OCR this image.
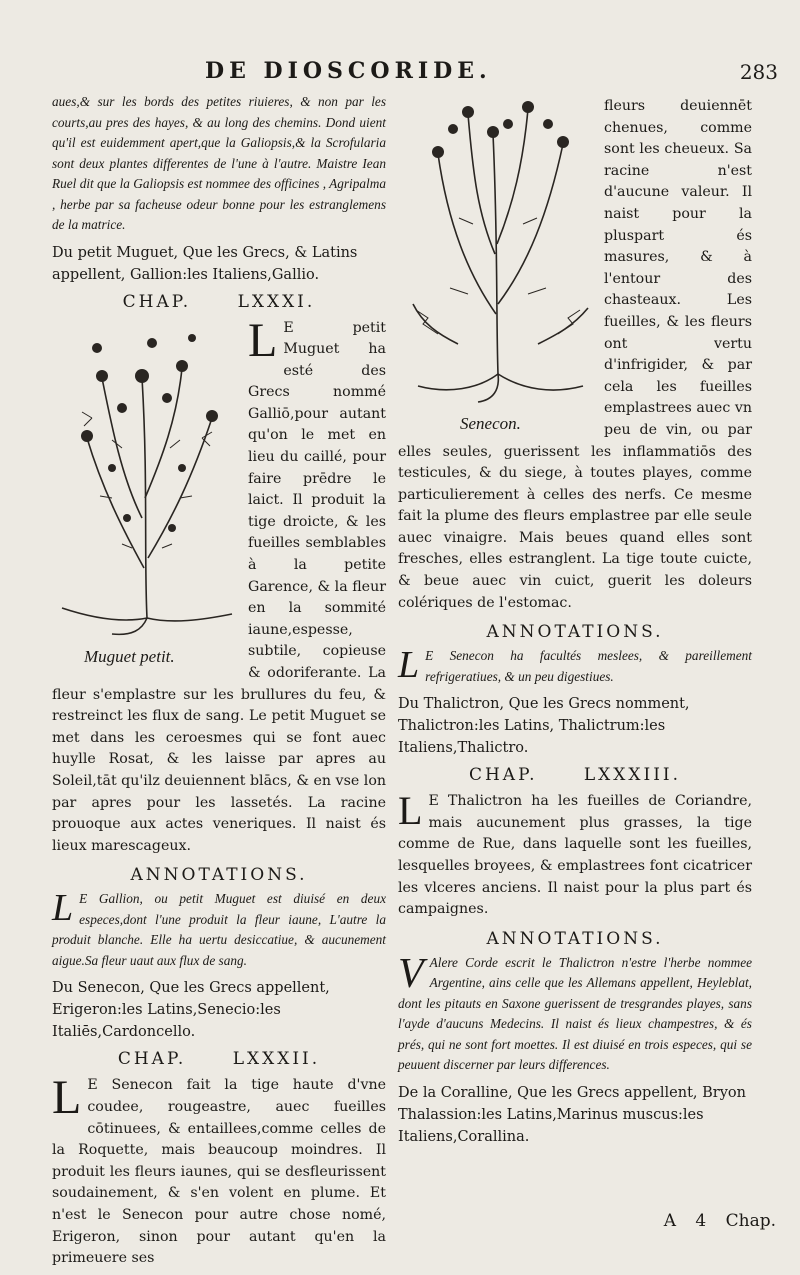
DE DIOSCORIDE.	283

aues,& sur les bords des petites riuieres, & non par les courts,au pres des hayes, & au long des chemins. Dond uient qu'il est euidemment apert,que la Galiopsis,& la Scrofularia sont deux plantes differentes de l'une à l'autre. Maistre Iean Ruel dit que la Galiopsis est nommee des officines , Agripalma , herbe par sa facheuse odeur bonne pour les estranglemens de la matrice.

Du petit Muguet, Que les Grecs, & Latins appellent, Gallion:les Italiens,Gallio.

CHAP. LXXXI.
Muguet petit.

L E petit Muguet ha esté des Grecs nommé Galliō,pour autant qu'on le met en lieu du caillé, pour faire prēdre le laict. Il produit la tige droicte, & les fueilles semblables à la petite Garence, & la fleur en la sommité iaune,espesse, subtile, copieuse & odoriferante. La fleur s'emplastre sur les brullures du feu, & restreinct les flux de sang. Le petit Muguet se met dans les ceroesmes qui se font auec huylle Rosat, & les laisse par apres au Soleil,tāt qu'ilz deuiennent blācs, & en vse lon par apres pour les lassetés. La racine prouoque aux actes veneriques. Il naist és lieux marescageux.

ANNOTATIONS.

L E Gallion, ou petit Muguet est diuisé en deux especes,dont l'une produit la fleur iaune, L'autre la produit blanche. Elle ha uertu desiccatiue, & aucunement aigue.Sa fleur uaut aux flux de sang.

Du Senecon, Que les Grecs appellent, Erigeron:les Latins,Senecio:les Italiēs,Cardoncello.

CHAP. LXXXII.

L E Senecon fait la tige haute d'vne coudee, rougeastre, auec fueilles cōtinuees, & entaillees,comme celles de la Roquette, mais beaucoup moindres. Il produit les fleurs iaunes, qui se desfleurissent soudainement, & s'en volent en plume. Et n'est le Senecon pour autre chose nomé, Erigeron, sinon pour autant qu'en la primeuere ses

Senecon.

fleurs deuiennēt chenues, comme sont les cheueux. Sa racine n'est d'aucune valeur. Il naist pour la pluspart és masures, & à l'entour des chasteaux. Les fueilles, & les fleurs ont vertu d'infrigider, & par cela les fueilles emplastrees auec vn peu de vin, ou par elles seules, guerissent les inflammatiōs des testicules, & du siege, à toutes playes, comme particulierement à celles des nerfs. Ce mesme fait la plume des fleurs emplastree par elle seule auec vinaigre. Mais beues quand elles sont fresches, elles estranglent. La tige toute cuicte, & beue auec vin cuict, guerit les doleurs colériques de l'estomac.

ANNOTATIONS.

L E Senecon ha facultés meslees, & pareillement refrigeratiues, & un peu digestiues.

Du Thalictron, Que les Grecs nomment, Thalictron:les Latins, Thalictrum:les Italiens,Thalictro.

CHAP. LXXXIII.

L E Thalictron ha les fueilles de Coriandre, mais aucunement plus grasses, la tige comme de Rue, dans laquelle sont les fueilles, lesquelles broyees, & emplastrees font cicatricer les vlceres anciens. Il naist pour la plus part és campaignes.

ANNOTATIONS.

V Alere Corde escrit le Thalictron n'estre l'herbe nommee Argentine, ains celle que les Allemans appellent, Heyleblat, dont les pitauts en Saxone guerissent de tresgrandes playes, sans l'ayde d'aucuns Medecins. Il naist és lieux champestres, & és prés, qui ne sont fort moettes. Il est diuisé en trois especes, qui se peuuent discerner par leurs differences.

De la Coralline, Que les Grecs appellent, Bryon Thalassion:les Latins,Marinus muscus:les Italiens,Corallina.

A 4 Chap.
